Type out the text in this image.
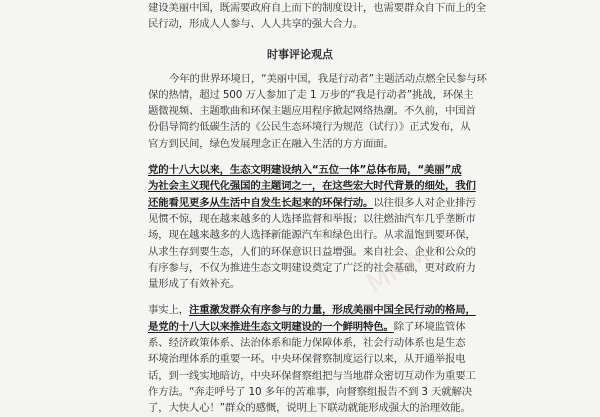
建设美丽中国，既需要政府自上而下的制度设计，也需要群众自下而上的全
民行动，形成人人参与、人人共享的强大合力。
时事评论观点
今年的世界环境日，“美丽中国，我是行动者”主题活动点燃全民参与环
保的热情，超过 500 万人参加了走 1 万步的“我是行动者”挑战，环保主
题微视频、主题歌曲和环保主题应用程序掀起网络热潮。不久前，中国首
份倡导简约低碳生活的《公民生态环境行为规范（试行）》正式发布，从
官方到民间，绿色发展理念正在融入生活的方方面面。
党的十八大以来，生态文明建设纳入“五位一体”总体布局，“美丽”成
为社会主义现代化强国的主题词之一，在这些宏大时代背景的细处，我们
还能看见更多从生活中自发生长起来的环保行动。以往很多人对企业排污
见惯不惊，现在越来越多的人选择监督和举报；以往燃油汽车几乎垄断市
场，现在越来越多的人选择新能源汽车和绿色出行。从求温饱到要环保，
从求生存到要生态，人们的环保意识日益增强。来自社会、企业和公众的
有序参与，不仅为推进生态文明建设奠定了广泛的社会基础，更对政府力
量形成了有效补充。
事实上，注重激发群众有序参与的力量，形成美丽中国全民行动的格局，
是党的十八大以来推进生态文明建设的一个鲜明特色。除了环境监管体
系、经济政策体系、法治体系和能力保障体系，社会行动体系也是生态
环境治理体系的重要一环。中央环保督察制度运行以来，从开通举报电
话，到一线实地暗访，中央环保督察组把与当地群众密切互动作为重要工
作方法。“奔走呼号了 10 多年的苦难事，向督察组报告不到 3 天就解决
了，大快人心！”群众的感慨，说明上下联动就能形成强大的治理效能。
MMM
